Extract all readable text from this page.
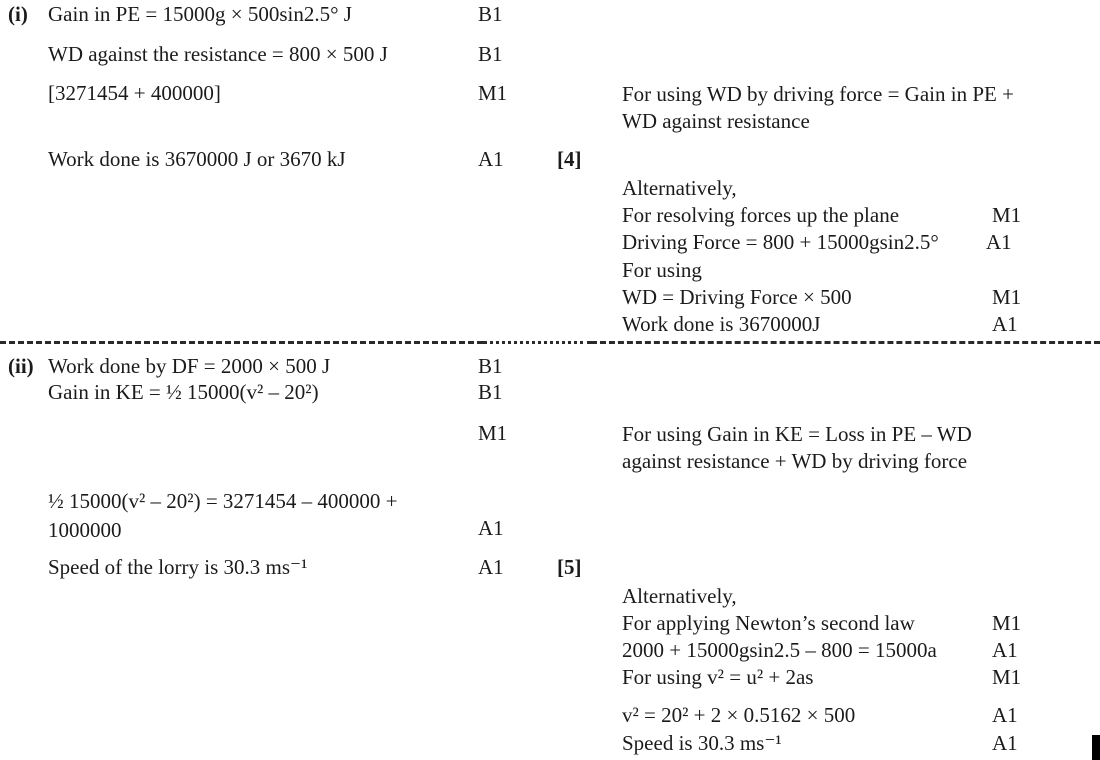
(i) Gain in PE = 15000g × 500sin2.5° J	B1
WD against the resistance = 800 × 500 J	B1
[3271454 + 400000]	M1	For using WD by driving force = Gain in PE + WD against resistance
Work done is 3670000 J or 3670 kJ	A1	[4]
Alternatively,
For resolving forces up the plane	M1
Driving Force = 800 + 15000gsin2.5° A1
For using
WD = Driving Force × 500	M1
Work done is 3670000J	A1
(ii) Work done by DF = 2000 × 500 J	B1
Gain in KE = ½ 15000(v² – 20²)	B1
M1	For using Gain in KE = Loss in PE – WD against resistance + WD by driving force
½ 15000(v² – 20²) = 3271454 – 400000 + 1000000	A1
Speed of the lorry is 30.3 ms⁻¹	A1	[5]
Alternatively,
For applying Newton’s second law	M1
2000 + 15000gsin2.5 – 800 = 15000a	A1
For using v² = u² + 2as	M1
v² = 20² + 2 × 0.5162 × 500	A1
Speed is 30.3 ms⁻¹	A1
